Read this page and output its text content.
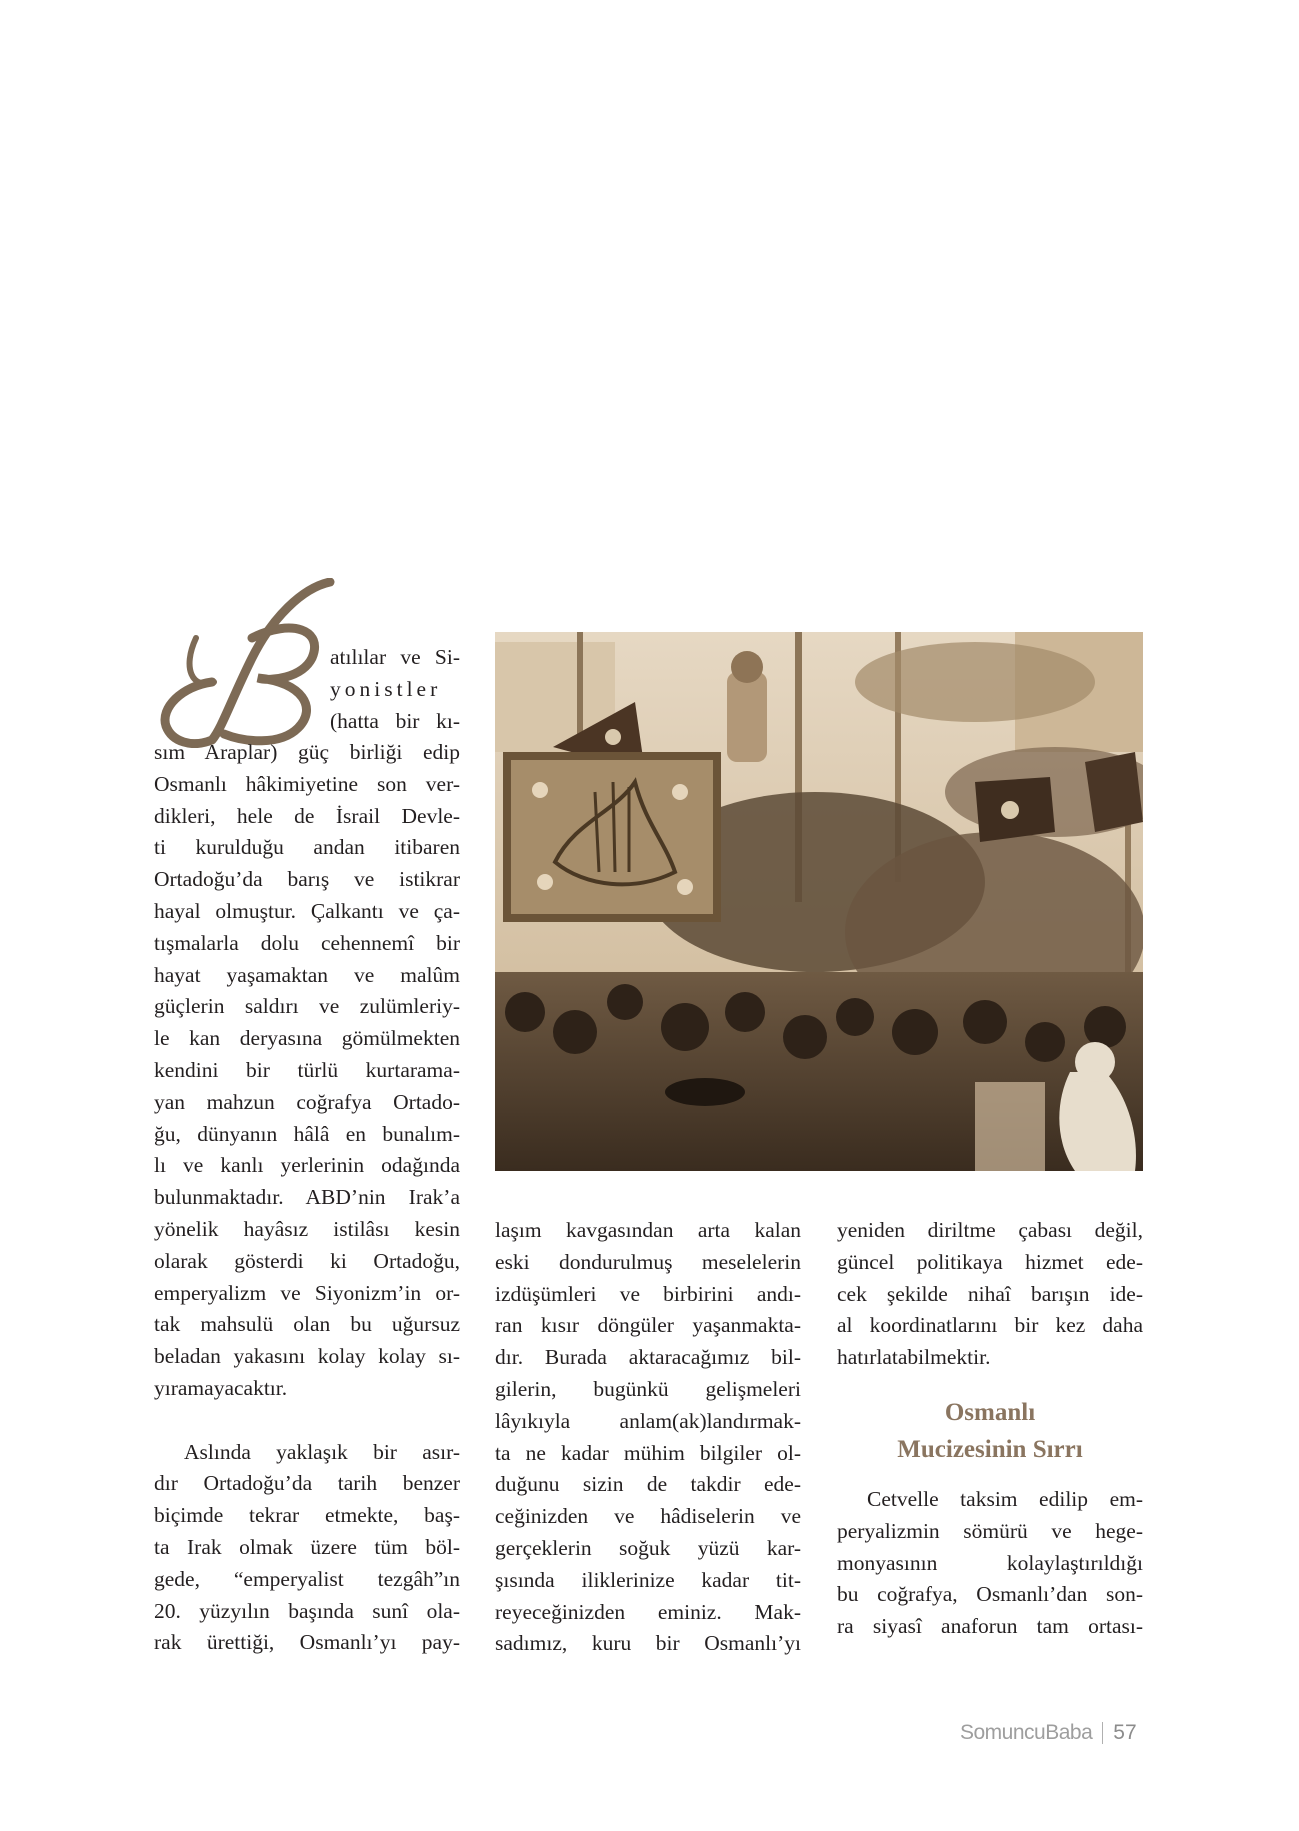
atılılar ve Si-
yonistler
(hatta bir kı-
sım Araplar) güç birliği edip
Osmanlı hâkimiyetine son ver-
dikleri, hele de İsrail Devle-
ti kurulduğu andan itibaren
Ortadoğu’da barış ve istikrar
hayal olmuştur. Çalkantı ve ça-
tışmalarla dolu cehennemî bir
hayat yaşamaktan ve malûm
güçlerin saldırı ve zulümleriy-
le kan deryasına gömülmekten
kendini bir türlü kurtarama-
yan mahzun coğrafya Ortado-
ğu, dünyanın hâlâ en bunalım-
lı ve kanlı yerlerinin odağında
bulunmaktadır. ABD’nin Irak’a
yönelik hayâsız istilâsı kesin
olarak gösterdi ki Ortadoğu,
emperyalizm ve Siyonizm’in or-
tak mahsulü olan bu uğursuz
beladan yakasını kolay kolay sı-
yıramayacaktır.
Aslında yaklaşık bir asır-
dır Ortadoğu’da tarih benzer
biçimde tekrar etmekte, baş-
ta Irak olmak üzere tüm böl-
gede, “emperyalist tezgâh”ın
20. yüzyılın başında sunî ola-
rak ürettiği, Osmanlı’yı pay-
laşım kavgasından arta kalan
eski dondurulmuş meselelerin
izdüşümleri ve birbirini andı-
ran kısır döngüler yaşanmakta-
dır. Burada aktaracağımız bil-
gilerin, bugünkü gelişmeleri
lâyıkıyla anlam(ak)landırmak-
ta ne kadar mühim bilgiler ol-
duğunu sizin de takdir ede-
ceğinizden ve hâdiselerin ve
gerçeklerin soğuk yüzü kar-
şısında iliklerinize kadar tit-
reyeceğinizden eminiz. Mak-
sadımız, kuru bir Osmanlı’yı
yeniden diriltme çabası değil,
güncel politikaya hizmet ede-
cek şekilde nihaî barışın ide-
al koordinatlarını bir kez daha
hatırlatabilmektir.
Osmanlı
Mucizesinin Sırrı
Cetvelle taksim edilip em-
peryalizmin sömürü ve hege-
monyasının kolaylaştırıldığı
bu coğrafya, Osmanlı’dan son-
ra siyasî anaforun tam ortası-
Somuncu Baba 57
